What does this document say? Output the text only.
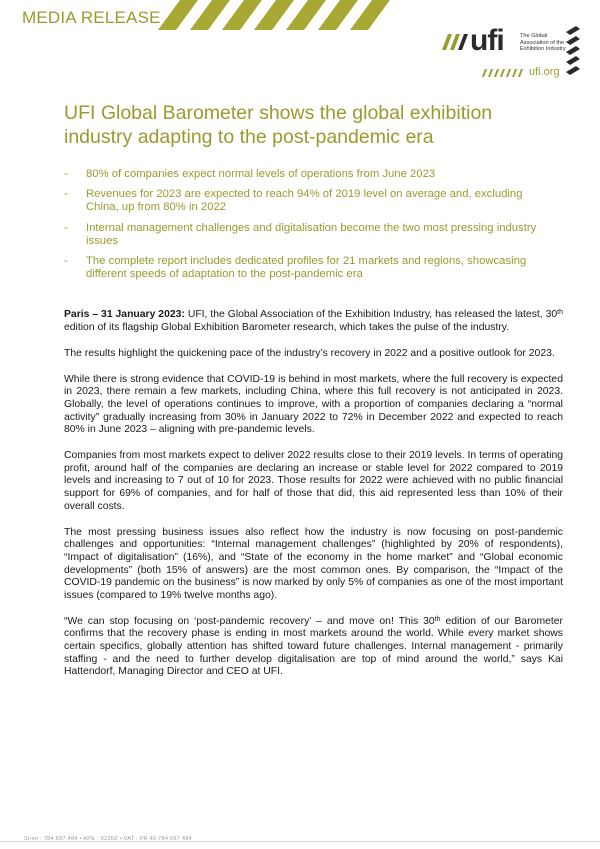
MEDIA RELEASE
ufi	The Global
Association of the
Exhibition Industry
ufi.org
UFI Global Barometer shows the global exhibition industry adapting to the post-pandemic era
- 80% of companies expect normal levels of operations from June 2023
- Revenues for 2023 are expected to reach 94% of 2019 level on average and, excluding China, up from 80% in 2022
- Internal management challenges and digitalisation become the two most pressing industry issues
- The complete report includes dedicated profiles for 21 markets and regions, showcasing different speeds of adaptation to the post-pandemic era

Paris – 31 January 2023: UFI, the Global Association of the Exhibition Industry, has released the latest, 30th edition of its flagship Global Exhibition Barometer research, which takes the pulse of the industry.

The results highlight the quickening pace of the industry’s recovery in 2022 and a positive outlook for 2023.

While there is strong evidence that COVID-19 is behind in most markets, where the full recovery is expected in 2023, there remain a few markets, including China, where this full recovery is not anticipated in 2023. Globally, the level of operations continues to improve, with a proportion of companies declaring a “normal activity” gradually increasing from 30% in January 2022 to 72% in December 2022 and expected to reach 80% in June 2023 – aligning with pre-pandemic levels.

Companies from most markets expect to deliver 2022 results close to their 2019 levels. In terms of operating profit, around half of the companies are declaring an increase or stable level for 2022 compared to 2019 levels and increasing to 7 out of 10 for 2023. Those results for 2022 were achieved with no public financial support for 69% of companies, and for half of those that did, this aid represented less than 10% of their overall costs.

The most pressing business issues also reflect how the industry is now focusing on post-pandemic challenges and opportunities: “Internal management challenges” (highlighted by 20% of respondents), “Impact of digitalisation” (16%), and “State of the economy in the home market” and “Global economic developments” (both 15% of answers) are the most common ones. By comparison, the “Impact of the COVID-19 pandemic on the business” is now marked by only 5% of companies as one of the most important issues (compared to 19% twelve months ago).

“We can stop focusing on ‘post-pandemic recovery’ – and move on! This 30th edition of our Barometer confirms that the recovery phase is ending in most markets around the world. While every market shows certain specifics, globally attention has shifted toward future challenges. Internal management - primarily staffing - and the need to further develop digitalisation are top of mind around the world,” says Kai Hattendorf, Managing Director and CEO at UFI.

Siren : 784 697 484 • APE : 9230Z • VAT : FR 46 784 697 484
